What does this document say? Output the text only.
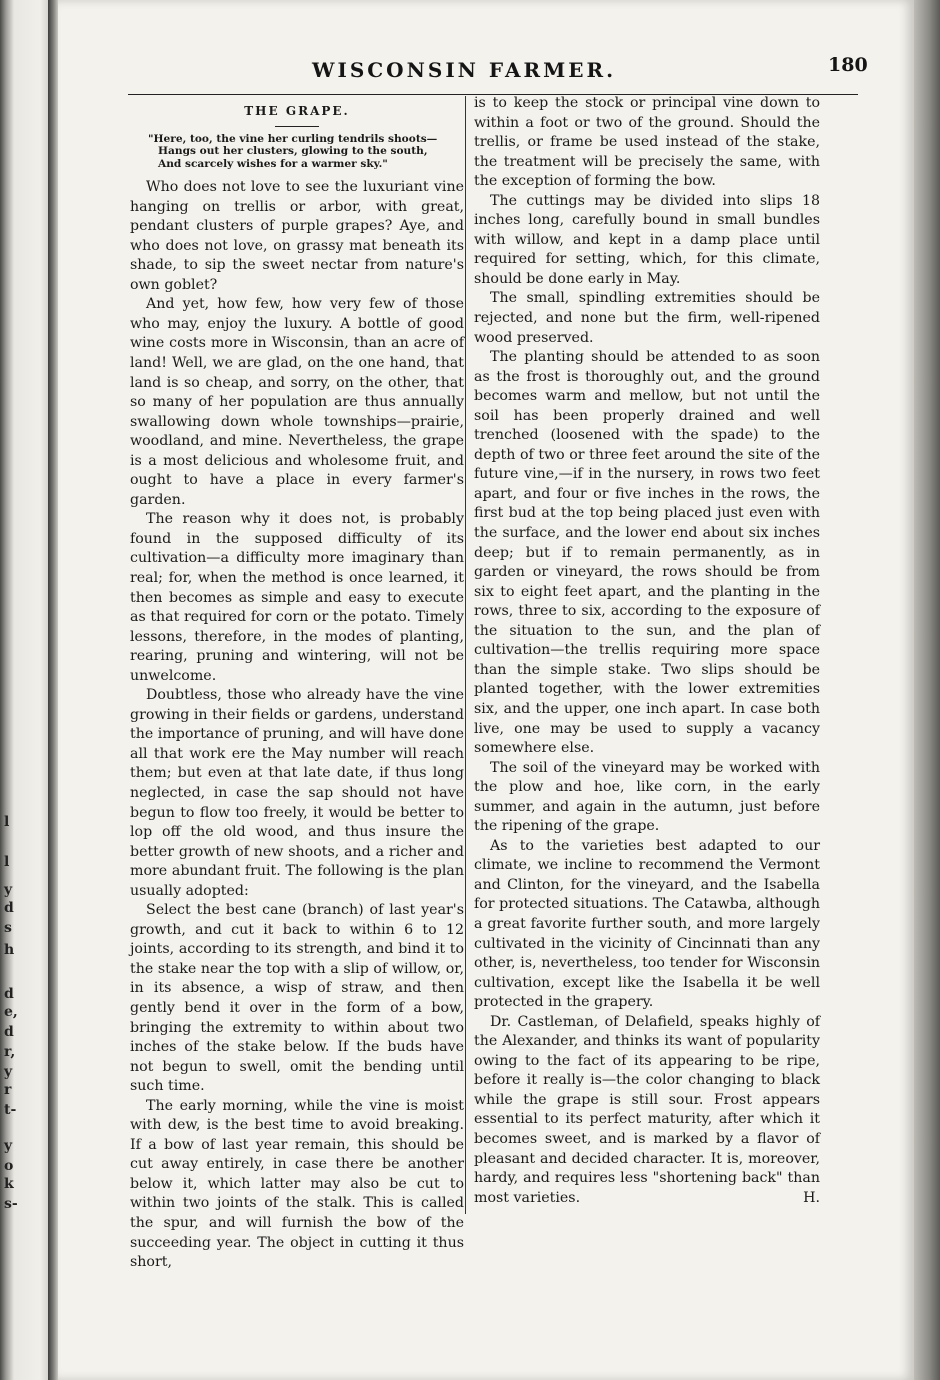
l
l
y
d
s
h
d
e,
d
r,
y
r
t-
y
o
k
s-
WISCONSIN FARMER.	180
THE GRAPE.
"Here, too, the vine her curling tendrils shoots—
Hangs out her clusters, glowing to the south,
And scarcely wishes for a warmer sky."

Who does not love to see the luxuriant vine hanging on trellis or arbor, with great, pendant clusters of purple grapes? Aye, and who does not love, on grassy mat beneath its shade, to sip the sweet nectar from nature's own goblet?

And yet, how few, how very few of those who may, enjoy the luxury. A bottle of good wine costs more in Wisconsin, than an acre of land! Well, we are glad, on the one hand, that land is so cheap, and sorry, on the other, that so many of her population are thus annually swallowing down whole townships—prairie, woodland, and mine. Nevertheless, the grape is a most delicious and wholesome fruit, and ought to have a place in every farmer's garden.

The reason why it does not, is probably found in the supposed difficulty of its cultivation—a difficulty more imaginary than real; for, when the method is once learned, it then becomes as simple and easy to execute as that required for corn or the potato. Timely lessons, therefore, in the modes of planting, rearing, pruning and wintering, will not be unwelcome.

Doubtless, those who already have the vine growing in their fields or gardens, understand the importance of pruning, and will have done all that work ere the May number will reach them; but even at that late date, if thus long neglected, in case the sap should not have begun to flow too freely, it would be better to lop off the old wood, and thus insure the better growth of new shoots, and a richer and more abundant fruit. The following is the plan usually adopted:

Select the best cane (branch) of last year's growth, and cut it back to within 6 to 12 joints, according to its strength, and bind it to the stake near the top with a slip of willow, or, in its absence, a wisp of straw, and then gently bend it over in the form of a bow, bringing the extremity to within about two inches of the stake below. If the buds have not begun to swell, omit the bending until such time.

The early morning, while the vine is moist with dew, is the best time to avoid breaking. If a bow of last year remain, this should be cut away entirely, in case there be another below it, which latter may also be cut to within two joints of the stalk. This is called the spur, and will furnish the bow of the succeeding year. The object in cutting it thus short,

is to keep the stock or principal vine down to within a foot or two of the ground. Should the trellis, or frame be used instead of the stake, the treatment will be precisely the same, with the exception of forming the bow.

The cuttings may be divided into slips 18 inches long, carefully bound in small bundles with willow, and kept in a damp place until required for setting, which, for this climate, should be done early in May.

The small, spindling extremities should be rejected, and none but the firm, well-ripened wood preserved.

The planting should be attended to as soon as the frost is thoroughly out, and the ground becomes warm and mellow, but not until the soil has been properly drained and well trenched (loosened with the spade) to the depth of two or three feet around the site of the future vine,—if in the nursery, in rows two feet apart, and four or five inches in the rows, the first bud at the top being placed just even with the surface, and the lower end about six inches deep; but if to remain permanently, as in garden or vineyard, the rows should be from six to eight feet apart, and the planting in the rows, three to six, according to the exposure of the situation to the sun, and the plan of cultivation—the trellis requiring more space than the simple stake. Two slips should be planted together, with the lower extremities six, and the upper, one inch apart. In case both live, one may be used to supply a vacancy somewhere else.

The soil of the vineyard may be worked with the plow and hoe, like corn, in the early summer, and again in the autumn, just before the ripening of the grape.

As to the varieties best adapted to our climate, we incline to recommend the Vermont and Clinton, for the vineyard, and the Isabella for protected situations. The Catawba, although a great favorite further south, and more largely cultivated in the vicinity of Cincinnati than any other, is, nevertheless, too tender for Wisconsin cultivation, except like the Isabella it be well protected in the grapery.

Dr. Castleman, of Delafield, speaks highly of the Alexander, and thinks its want of popularity owing to the fact of its appearing to be ripe, before it really is—the color changing to black while the grape is still sour. Frost appears essential to its perfect maturity, after which it becomes sweet, and is marked by a flavor of pleasant and decided character. It is, moreover, hardy, and requires less "shortening back" than most varieties.	H.
